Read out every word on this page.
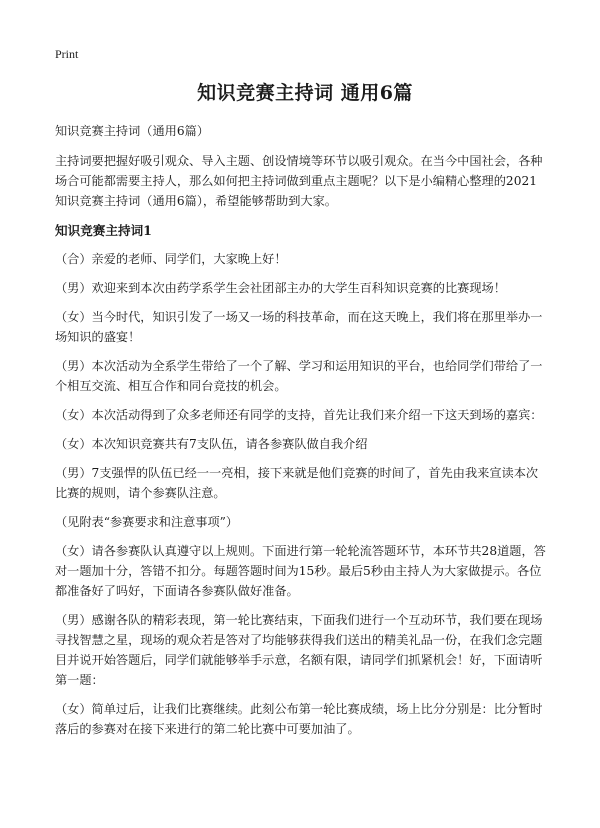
Print
知识竞赛主持词 通用6篇

知识竞赛主持词（通用6篇）

主持词要把握好吸引观众、导入主题、创设情境等环节以吸引观众。在当今中国社会，各种场合可能都需要主持人，那么如何把主持词做到重点主题呢？以下是小编精心整理的2021知识竞赛主持词（通用6篇），希望能够帮助到大家。

知识竞赛主持词1

（合）亲爱的老师、同学们，大家晚上好！

（男）欢迎来到本次由药学系学生会社团部主办的大学生百科知识竞赛的比赛现场！

（女）当今时代，知识引发了一场又一场的科技革命，而在这天晚上，我们将在那里举办一场知识的盛宴！

（男）本次活动为全系学生带给了一个了解、学习和运用知识的平台，也给同学们带给了一个相互交流、相互合作和同台竞技的机会。

（女）本次活动得到了众多老师还有同学的支持，首先让我们来介绍一下这天到场的嘉宾：

（女）本次知识竞赛共有7支队伍，请各参赛队做自我介绍

（男）7支强悍的队伍已经一一亮相，接下来就是他们竞赛的时间了，首先由我来宣读本次比赛的规则，请个参赛队注意。

（见附表“参赛要求和注意事项”）

（女）请各参赛队认真遵守以上规则。下面进行第一轮轮流答题环节，本环节共28道题，答对一题加十分，答错不扣分。每题答题时间为15秒。最后5秒由主持人为大家做提示。各位都准备好了吗好，下面请各参赛队做好准备。

（男）感谢各队的精彩表现，第一轮比赛结束，下面我们进行一个互动环节，我们要在现场寻找智慧之星，现场的观众若是答对了均能够获得我们送出的精美礼品一份，在我们念完题目并说开始答题后，同学们就能够举手示意，名额有限，请同学们抓紧机会！好，下面请听第一题：

（女）简单过后，让我们比赛继续。此刻公布第一轮比赛成绩，场上比分分别是：比分暂时落后的参赛对在接下来进行的第二轮比赛中可要加油了。
